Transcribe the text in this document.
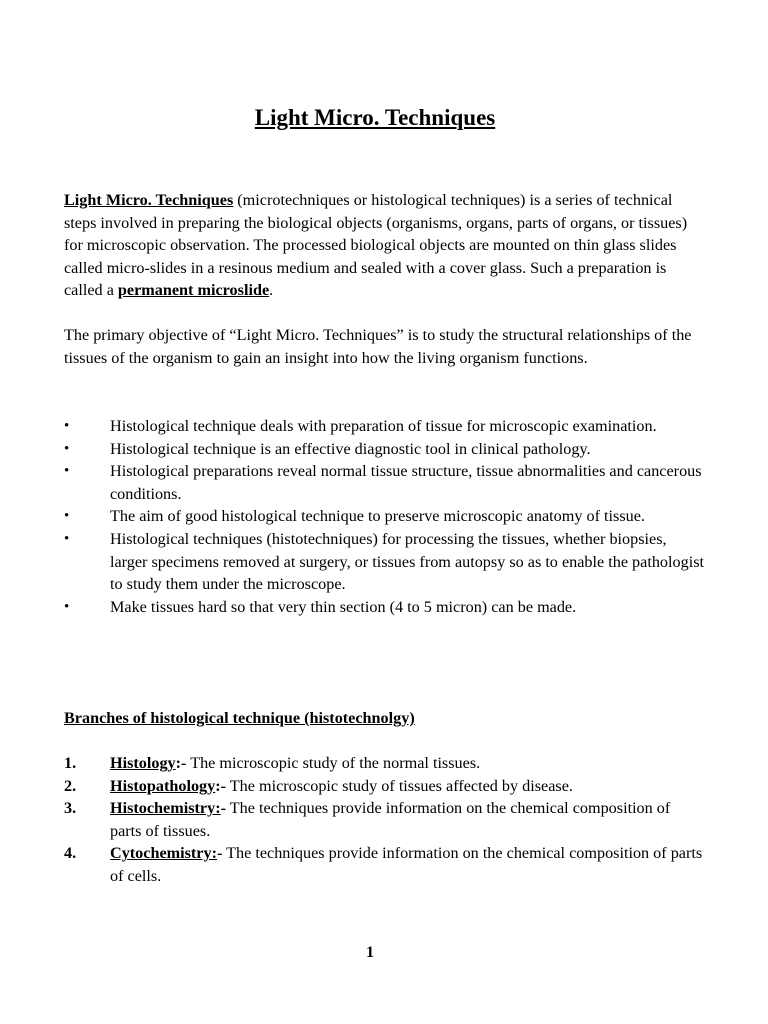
Light Micro. Techniques

Light Micro. Techniques (microtechniques or histological techniques) is a series of technical steps involved in preparing the biological objects (organisms, organs, parts of organs, or tissues) for microscopic observation. The processed biological objects are mounted on thin glass slides called micro-slides in a resinous medium and sealed with a cover glass. Such a preparation is called a permanent microslide.

The primary objective of “Light Micro. Techniques” is to study the structural relationships of the tissues of the organism to gain an insight into how the living organism functions.

•	Histological technique deals with preparation of tissue for microscopic examination.
•	Histological technique is an effective diagnostic tool in clinical pathology.
•	Histological preparations reveal normal tissue structure, tissue abnormalities and cancerous conditions.
•	The aim of good histological technique to preserve microscopic anatomy of tissue.
•	Histological techniques (histotechniques) for processing the tissues, whether biopsies, larger specimens removed at surgery, or tissues from autopsy so as to enable the pathologist to study them under the microscope.
•	Make tissues hard so that very thin section (4 to 5 micron) can be made.

Branches of histological technique (histotechnolgy)

1. Histology:- The microscopic study of the normal tissues.
2. Histopathology:- The microscopic study of tissues affected by disease.
3. Histochemistry:- The techniques provide information on the chemical composition of parts of tissues.
4. Cytochemistry:- The techniques provide information on the chemical composition of parts of cells.
1
